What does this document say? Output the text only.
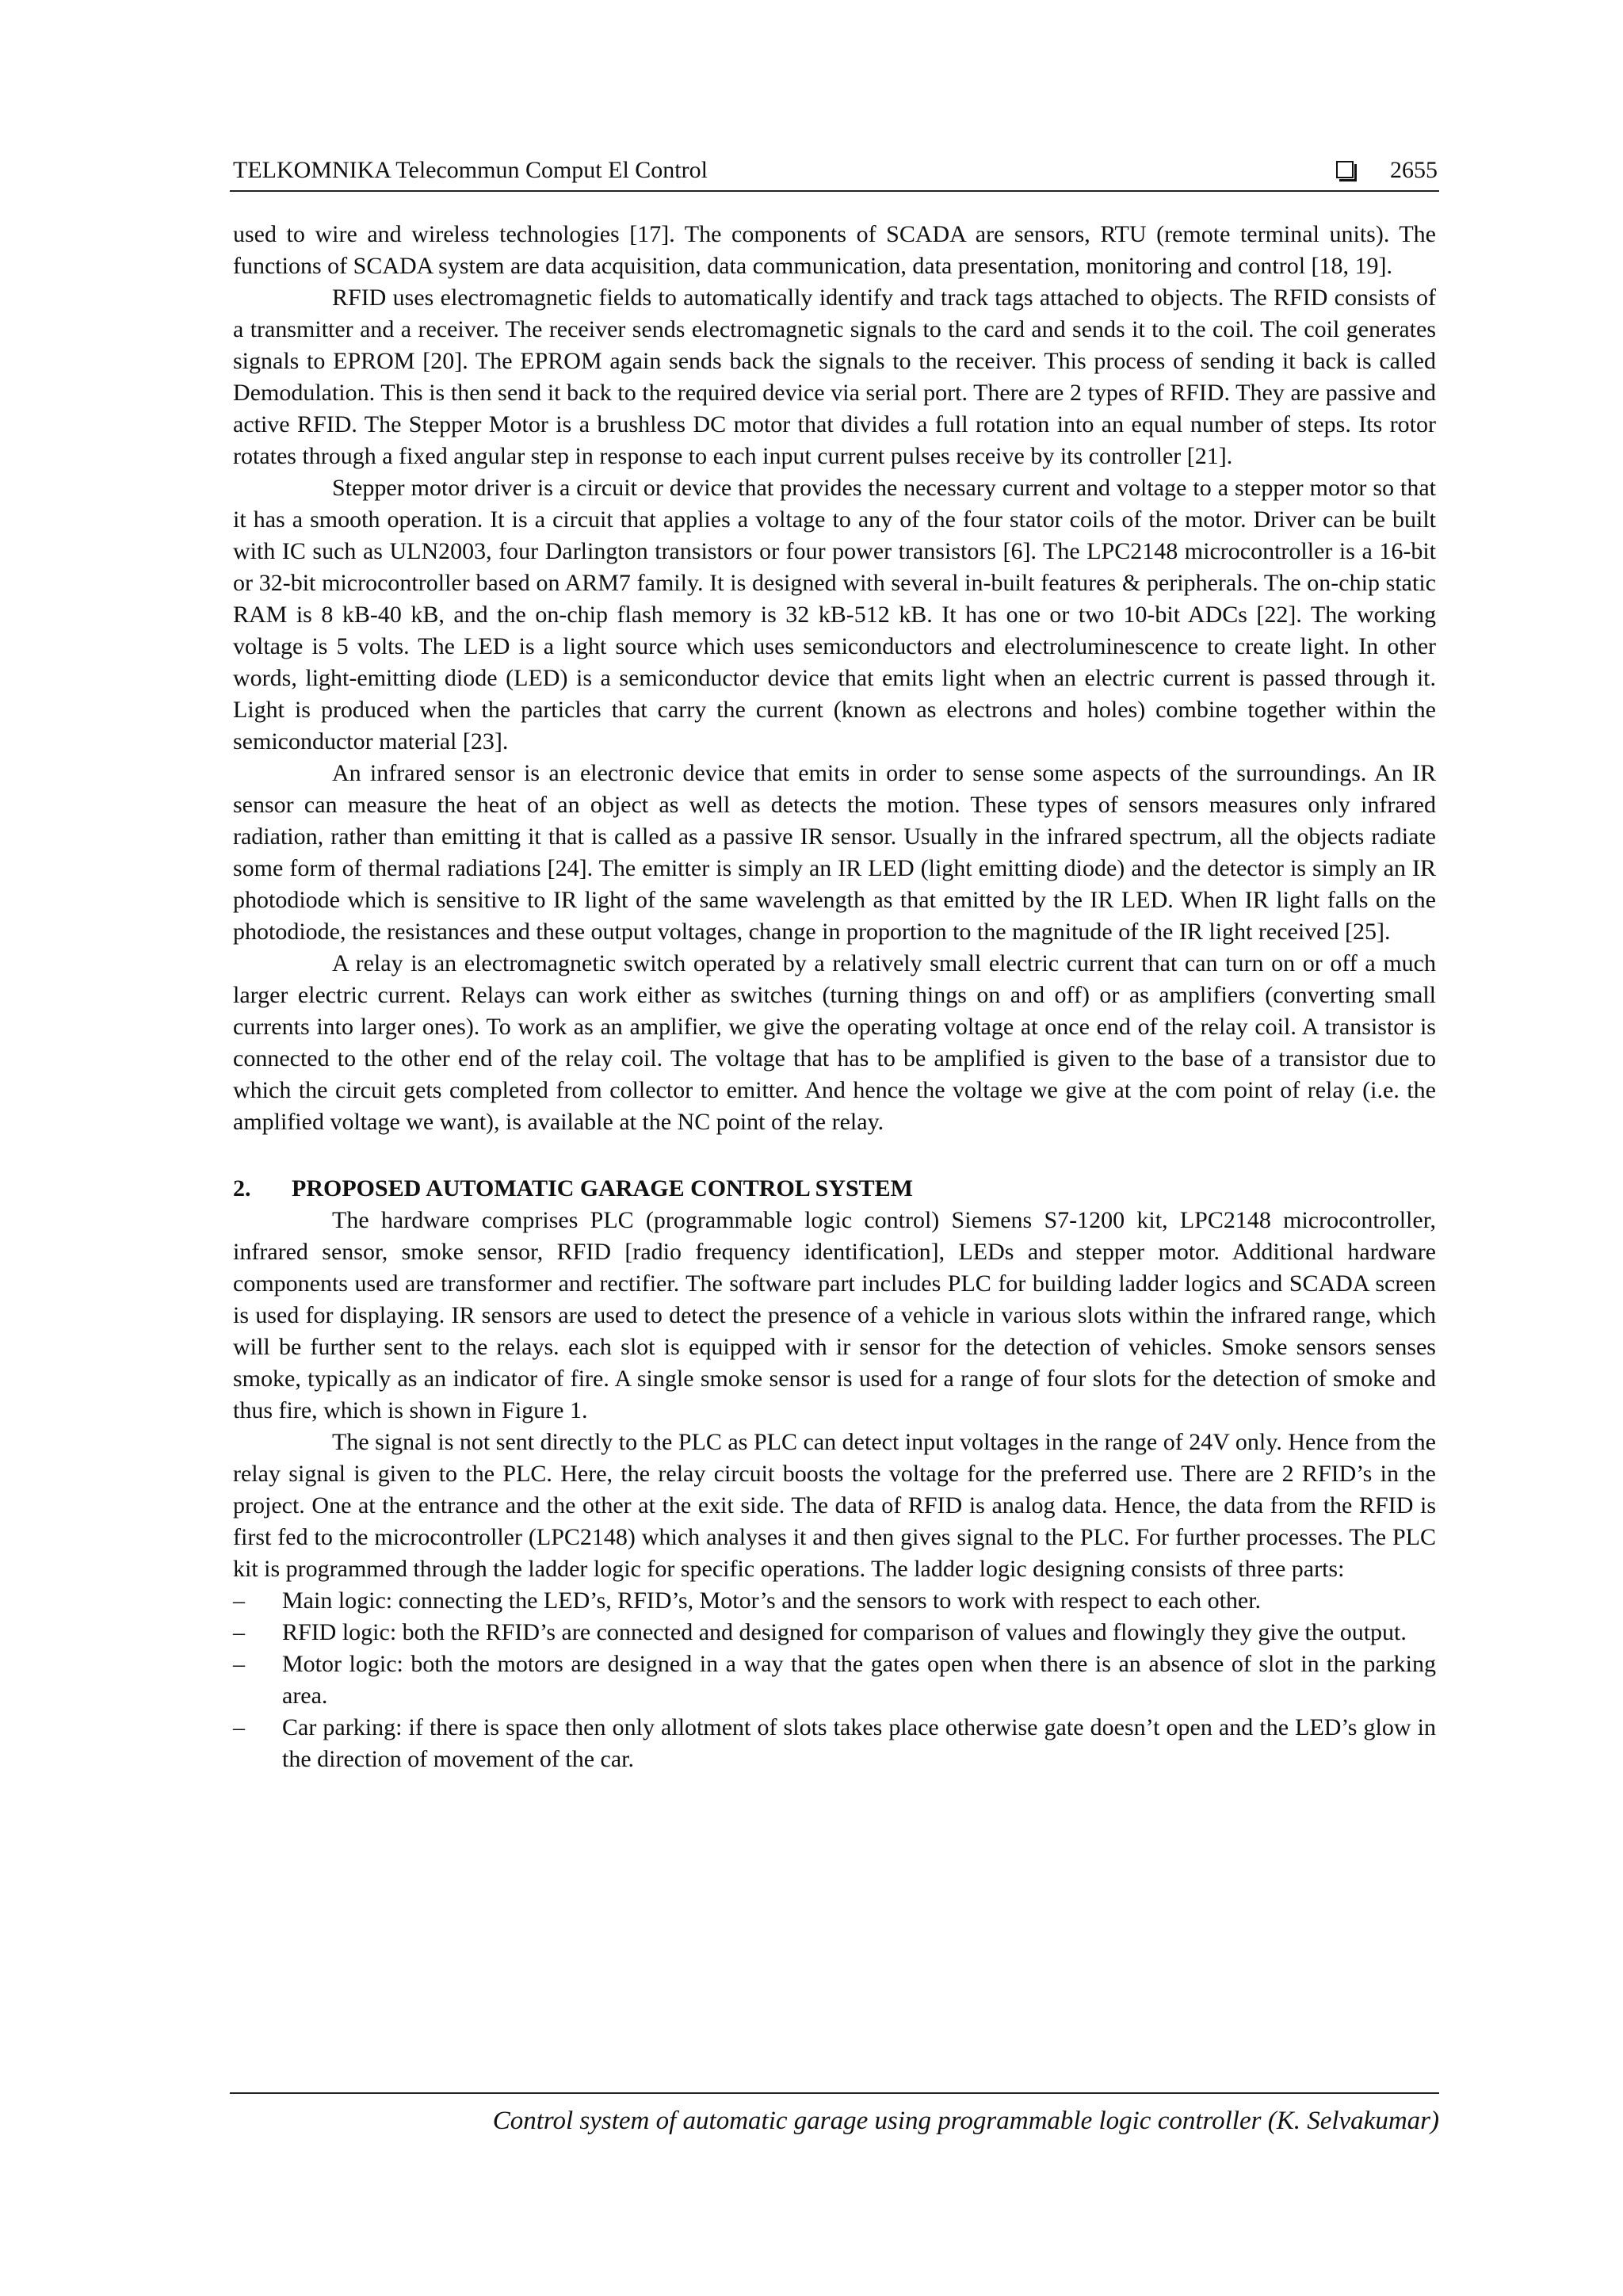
TELKOMNIKA Telecommun Comput El Control	2655

used to wire and wireless technologies [17]. The components of SCADA are sensors, RTU (remote terminal units). The functions of SCADA system are data acquisition, data communication, data presentation, monitoring and control [18, 19].

RFID uses electromagnetic fields to automatically identify and track tags attached to objects. The RFID consists of a transmitter and a receiver. The receiver sends electromagnetic signals to the card and sends it to the coil. The coil generates signals to EPROM [20]. The EPROM again sends back the signals to the receiver. This process of sending it back is called Demodulation. This is then send it back to the required device via serial port. There are 2 types of RFID. They are passive and active RFID. The Stepper Motor is a brushless DC motor that divides a full rotation into an equal number of steps. Its rotor rotates through a fixed angular step in response to each input current pulses receive by its controller [21].

Stepper motor driver is a circuit or device that provides the necessary current and voltage to a stepper motor so that it has a smooth operation. It is a circuit that applies a voltage to any of the four stator coils of the motor. Driver can be built with IC such as ULN2003, four Darlington transistors or four power transistors [6]. The LPC2148 microcontroller is a 16-bit or 32-bit microcontroller based on ARM7 family. It is designed with several in-built features & peripherals. The on-chip static RAM is 8 kB-40 kB, and the on-chip flash memory is 32 kB-512 kB. It has one or two 10-bit ADCs [22]. The working voltage is 5 volts. The LED is a light source which uses semiconductors and electroluminescence to create light. In other words, light-emitting diode (LED) is a semiconductor device that emits light when an electric current is passed through it. Light is produced when the particles that carry the current (known as electrons and holes) combine together within the semiconductor material [23].

An infrared sensor is an electronic device that emits in order to sense some aspects of the surroundings. An IR sensor can measure the heat of an object as well as detects the motion. These types of sensors measures only infrared radiation, rather than emitting it that is called as a passive IR sensor. Usually in the infrared spectrum, all the objects radiate some form of thermal radiations [24]. The emitter is simply an IR LED (light emitting diode) and the detector is simply an IR photodiode which is sensitive to IR light of the same wavelength as that emitted by the IR LED. When IR light falls on the photodiode, the resistances and these output voltages, change in proportion to the magnitude of the IR light received [25].

A relay is an electromagnetic switch operated by a relatively small electric current that can turn on or off a much larger electric current. Relays can work either as switches (turning things on and off) or as amplifiers (converting small currents into larger ones). To work as an amplifier, we give the operating voltage at once end of the relay coil. A transistor is connected to the other end of the relay coil. The voltage that has to be amplified is given to the base of a transistor due to which the circuit gets completed from collector to emitter. And hence the voltage we give at the com point of relay (i.e. the amplified voltage we want), is available at the NC point of the relay.

2. PROPOSED AUTOMATIC GARAGE CONTROL SYSTEM

The hardware comprises PLC (programmable logic control) Siemens S7-1200 kit, LPC2148 microcontroller, infrared sensor, smoke sensor, RFID [radio frequency identification], LEDs and stepper motor. Additional hardware components used are transformer and rectifier. The software part includes PLC for building ladder logics and SCADA screen is used for displaying. IR sensors are used to detect the presence of a vehicle in various slots within the infrared range, which will be further sent to the relays. each slot is equipped with ir sensor for the detection of vehicles. Smoke sensors senses smoke, typically as an indicator of fire. A single smoke sensor is used for a range of four slots for the detection of smoke and thus fire, which is shown in Figure 1.

The signal is not sent directly to the PLC as PLC can detect input voltages in the range of 24V only. Hence from the relay signal is given to the PLC. Here, the relay circuit boosts the voltage for the preferred use. There are 2 RFID’s in the project. One at the entrance and the other at the exit side. The data of RFID is analog data. Hence, the data from the RFID is first fed to the microcontroller (LPC2148) which analyses it and then gives signal to the PLC. For further processes. The PLC kit is programmed through the ladder logic for specific operations. The ladder logic designing consists of three parts:

– Main logic: connecting the LED’s, RFID’s, Motor’s and the sensors to work with respect to each other.
– RFID logic: both the RFID’s are connected and designed for comparison of values and flowingly they give the output.
– Motor logic: both the motors are designed in a way that the gates open when there is an absence of slot in the parking area.
– Car parking: if there is space then only allotment of slots takes place otherwise gate doesn’t open and the LED’s glow in the direction of movement of the car.
Control system of automatic garage using programmable logic controller (K. Selvakumar)
